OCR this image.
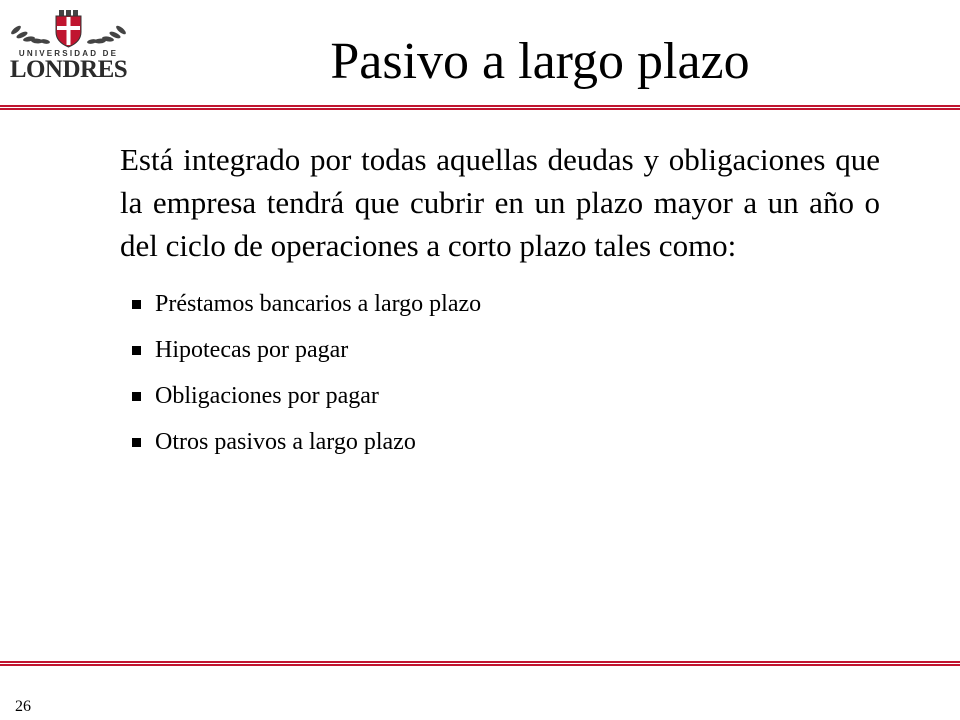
UNIVERSIDAD DE
LONDRES	Pasivo a largo plazo

Está integrado por todas aquellas deudas y obligaciones que la empresa tendrá que cubrir en un plazo mayor a un año o del ciclo de operaciones a corto plazo tales como:

Préstamos bancarios a largo plazo
Hipotecas por pagar
Obligaciones por pagar
Otros pasivos a largo plazo
26
